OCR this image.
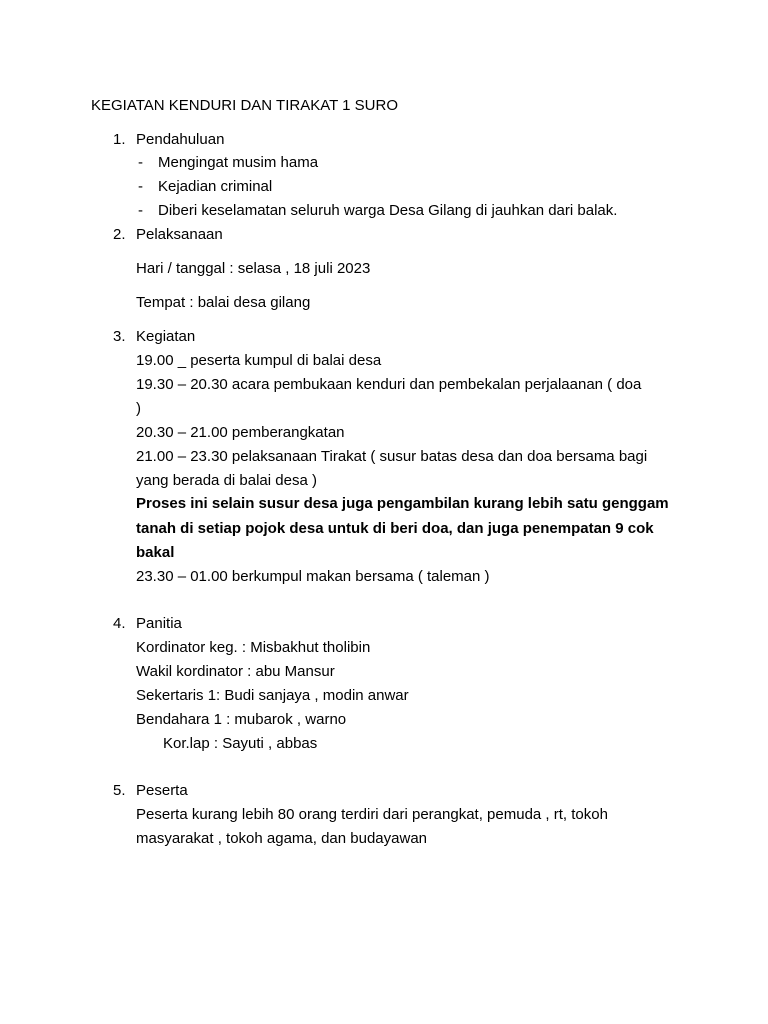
KEGIATAN KENDURI DAN TIRAKAT 1 SURO
1. Pendahuluan
- Mengingat musim hama
- Kejadian criminal
- Diberi keselamatan seluruh warga Desa Gilang di jauhkan dari balak.
2. Pelaksanaan
Hari / tanggal : selasa , 18 juli 2023
Tempat : balai desa gilang
3. Kegiatan
19.00 _ peserta kumpul di balai desa
19.30 – 20.30 acara pembukaan kenduri dan pembekalan perjalaanan ( doa
)
20.30 – 21.00 pemberangkatan
21.00 – 23.30 pelaksanaan Tirakat ( susur batas desa dan doa bersama bagi
yang berada di balai desa )
Proses ini selain susur desa juga pengambilan kurang lebih satu genggam
tanah di setiap pojok desa untuk di beri doa, dan juga penempatan 9 cok
bakal
23.30 – 01.00 berkumpul makan bersama ( taleman )
4. Panitia
Kordinator keg. : Misbakhut tholibin
Wakil kordinator : abu Mansur
Sekertaris 1: Budi sanjaya , modin anwar
Bendahara 1 : mubarok , warno
Kor.lap : Sayuti , abbas
5. Peserta
Peserta kurang lebih 80 orang terdiri dari perangkat, pemuda , rt, tokoh
masyarakat , tokoh agama, dan budayawan
